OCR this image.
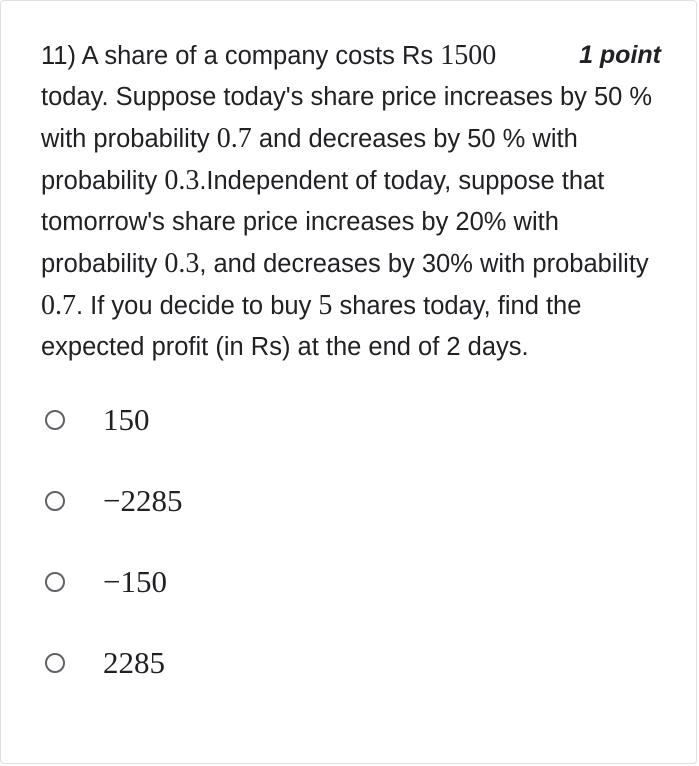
1 point
11) A share of a company costs Rs 1500 today. Suppose today's share price increases by 50 % with probability 0.7 and decreases by 50 % with probability 0.3.Independent of today, suppose that tomorrow's share price increases by 20% with probability 0.3, and decreases by 30% with probability 0.7. If you decide to buy 5 shares today, find the expected profit (in Rs) at the end of 2 days.
150
−2285
−150
2285
